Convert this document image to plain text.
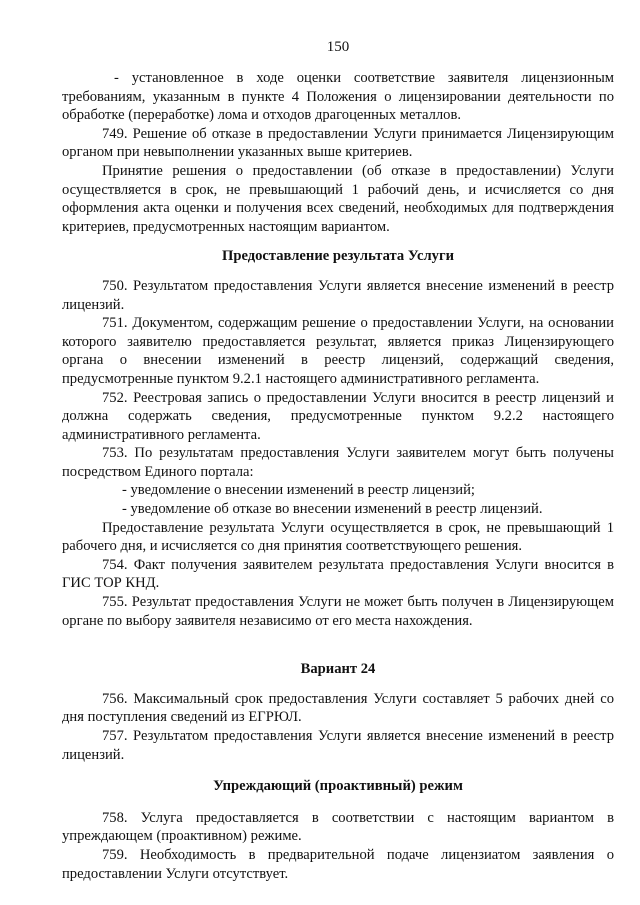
150

- установленное в ходе оценки соответствие заявителя лицензионным требованиям, указанным в пункте 4 Положения о лицензировании деятельности по обработке (переработке) лома и отходов драгоценных металлов.

749. Решение об отказе в предоставлении Услуги принимается Лицензирующим органом при невыполнении указанных выше критериев.

Принятие решения о предоставлении (об отказе в предоставлении) Услуги осуществляется в срок, не превышающий 1 рабочий день, и исчисляется со дня оформления акта оценки и получения всех сведений, необходимых для подтверждения критериев, предусмотренных настоящим вариантом.

Предоставление результата Услуги

750. Результатом предоставления Услуги является внесение изменений в реестр лицензий.

751. Документом, содержащим решение о предоставлении Услуги, на основании которого заявителю предоставляется результат, является приказ Лицензирующего органа о внесении изменений в реестр лицензий, содержащий сведения, предусмотренные пунктом 9.2.1 настоящего административного регламента.

752. Реестровая запись о предоставлении Услуги вносится в реестр лицензий и должна содержать сведения, предусмотренные пунктом 9.2.2 настоящего административного регламента.

753. По результатам предоставления Услуги заявителем могут быть получены посредством Единого портала:

- уведомление о внесении изменений в реестр лицензий;

- уведомление об отказе во внесении изменений в реестр лицензий.

Предоставление результата Услуги осуществляется в срок, не превышающий 1 рабочего дня, и исчисляется со дня принятия соответствующего решения.

754. Факт получения заявителем результата предоставления Услуги вносится в ГИС ТОР КНД.

755. Результат предоставления Услуги не может быть получен в Лицензирующем органе по выбору заявителя независимо от его места нахождения.

Вариант 24

756. Максимальный срок предоставления Услуги составляет 5 рабочих дней со дня поступления сведений из ЕГРЮЛ.

757. Результатом предоставления Услуги является внесение изменений в реестр лицензий.

Упреждающий (проактивный) режим

758. Услуга предоставляется в соответствии с настоящим вариантом в упреждающем (проактивном) режиме.

759. Необходимость в предварительной подаче лицензиатом заявления о предоставлении Услуги отсутствует.
